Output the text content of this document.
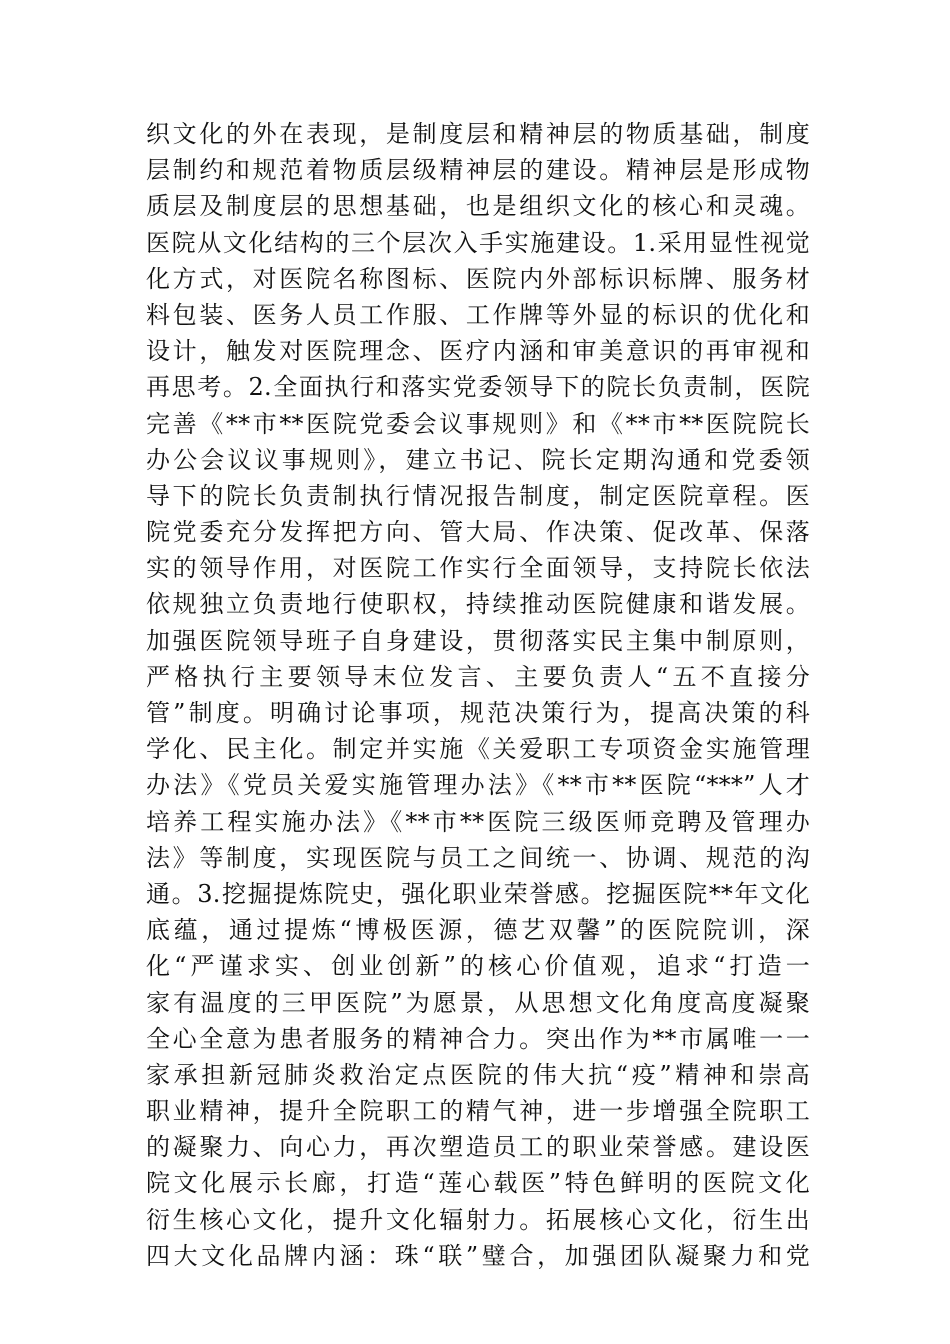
织文化的外在表现，是制度层和精神层的物质基础，制度
层制约和规范着物质层级精神层的建设。精神层是形成物
质层及制度层的思想基础，也是组织文化的核心和灵魂。
医院从文化结构的三个层次入手实施建设。1.采用显性视觉
化方式，对医院名称图标、医院内外部标识标牌、服务材
料包装、医务人员工作服、工作牌等外显的标识的优化和
设计，触发对医院理念、医疗内涵和审美意识的再审视和
再思考。2.全面执行和落实党委领导下的院长负责制，医院
完善《**市**医院党委会议事规则》和《**市**医院院长
办公会议议事规则》，建立书记、院长定期沟通和党委领
导下的院长负责制执行情况报告制度，制定医院章程。医
院党委充分发挥把方向、管大局、作决策、促改革、保落
实的领导作用，对医院工作实行全面领导，支持院长依法
依规独立负责地行使职权，持续推动医院健康和谐发展。
加强医院领导班子自身建设，贯彻落实民主集中制原则，
严格执行主要领导末位发言、主要负责人“五不直接分
管”制度。明确讨论事项，规范决策行为，提高决策的科
学化、民主化。制定并实施《关爱职工专项资金实施管理
办法》《党员关爱实施管理办法》《**市**医院“***”人才
培养工程实施办法》《**市**医院三级医师竞聘及管理办
法》等制度，实现医院与员工之间统一、协调、规范的沟
通。3.挖掘提炼院史，强化职业荣誉感。挖掘医院**年文化
底蕴，通过提炼“博极医源，德艺双馨”的医院院训，深
化“严谨求实、创业创新”的核心价值观，追求“打造一
家有温度的三甲医院”为愿景，从思想文化角度高度凝聚
全心全意为患者服务的精神合力。突出作为**市属唯一一
家承担新冠肺炎救治定点医院的伟大抗“疫”精神和崇高
职业精神，提升全院职工的精气神，进一步增强全院职工
的凝聚力、向心力，再次塑造员工的职业荣誉感。建设医
院文化展示长廊，打造“莲心载医”特色鲜明的医院文化
衍生核心文化，提升文化辐射力。拓展核心文化，衍生出
四大文化品牌内涵：珠“联”璧合，加强团队凝聚力和党
